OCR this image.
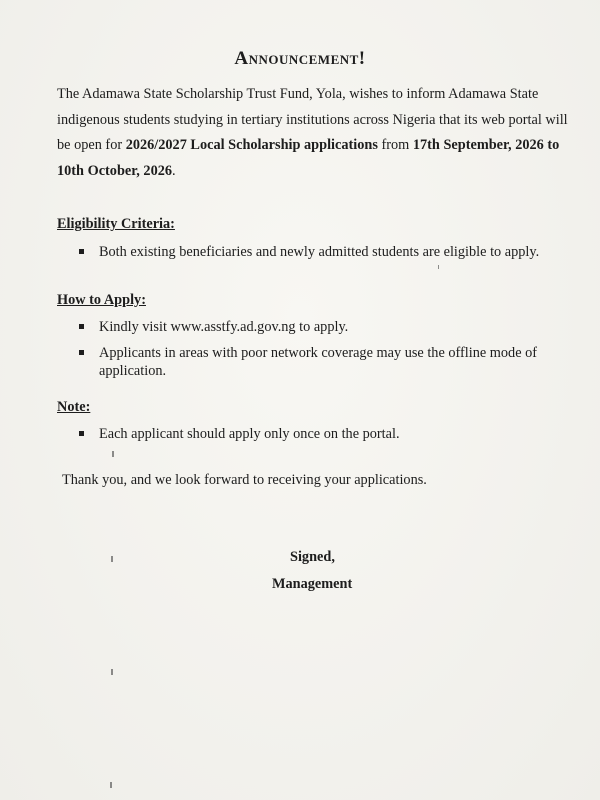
Announcement!
The Adamawa State Scholarship Trust Fund, Yola, wishes to inform Adamawa State indigenous students studying in tertiary institutions across Nigeria that its web portal will be open for 2026/2027 Local Scholarship applications from 17th September, 2026 to 10th October, 2026.
Eligibility Criteria:
Both existing beneficiaries and newly admitted students are eligible to apply.
How to Apply:
Kindly visit www.asstfy.ad.gov.ng to apply.
Applicants in areas with poor network coverage may use the offline mode of application.
Note:
Each applicant should apply only once on the portal.
Thank you, and we look forward to receiving your applications.
Signed,
Management
